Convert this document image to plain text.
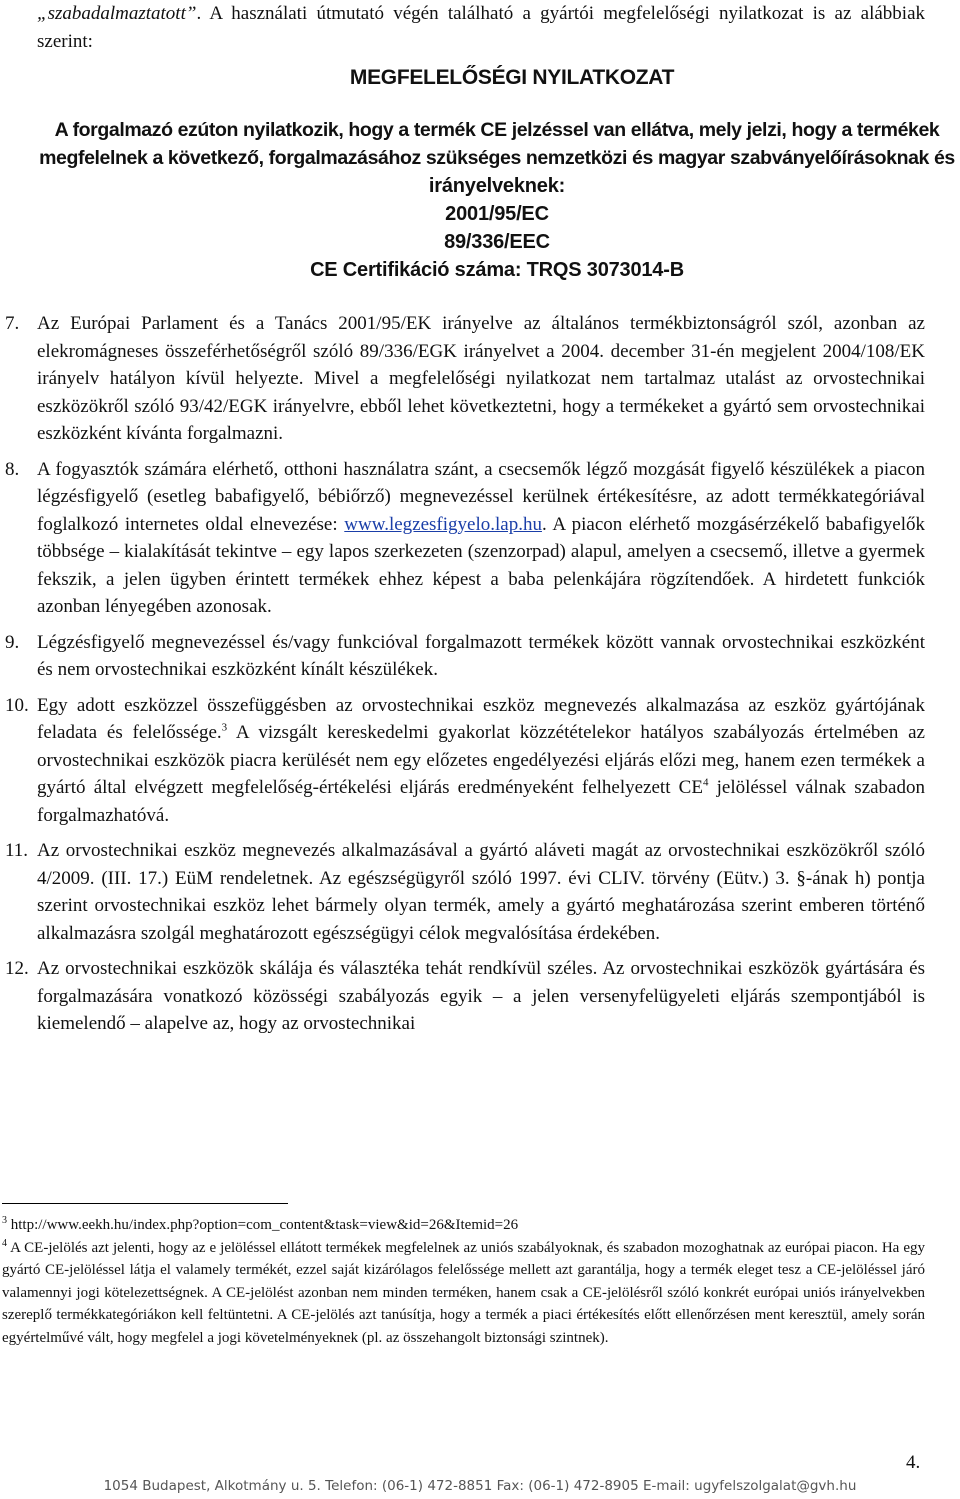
„szabadalmaztatott”. A használati útmutató végén található a gyártói megfelelőségi nyilatkozat is az alábbiak szerint:
MEGFELELŐSÉGI NYILATKOZAT
A forgalmazó ezúton nyilatkozik, hogy a termék CE jelzéssel van ellátva, mely jelzi, hogy a termékek
megfelelnek a következő, forgalmazásához szükséges nemzetközi és magyar szabványelőírásoknak és
irányelveknek:
2001/95/EC
89/336/EEC
CE Certifikáció száma: TRQS 3073014-B
7. Az Európai Parlament és a Tanács 2001/95/EK irányelve az általános termékbiztonságról szól, azonban az elekromágneses összeférhetőségről szóló 89/336/EGK irányelvet a 2004. december 31-én megjelent 2004/108/EK irányelv hatályon kívül helyezte. Mivel a megfelelőségi nyilatkozat nem tartalmaz utalást az orvostechnikai eszközökről szóló 93/42/EGK irányelvre, ebből lehet következtetni, hogy a termékeket a gyártó sem orvostechnikai eszközként kívánta forgalmazni.

8. A fogyasztók számára elérhető, otthoni használatra szánt, a csecsemők légző mozgását figyelő készülékek a piacon légzésfigyelő (esetleg babafigyelő, bébiőrző) megnevezéssel kerülnek értékesítésre, az adott termékkategóriával foglalkozó internetes oldal elnevezése: www.legzesfigyelo.lap.hu. A piacon elérhető mozgásérzékelő babafigyelők többsége – kialakítását tekintve – egy lapos szerkezeten (szenzorpad) alapul, amelyen a csecsemő, illetve a gyermek fekszik, a jelen ügyben érintett termékek ehhez képest a baba pelenkájára rögzítendőek. A hirdetett funkciók azonban lényegében azonosak.

9. Légzésfigyelő megnevezéssel és/vagy funkcióval forgalmazott termékek között vannak orvostechnikai eszközként és nem orvostechnikai eszközként kínált készülékek.

10. Egy adott eszközzel összefüggésben az orvostechnikai eszköz megnevezés alkalmazása az eszköz gyártójának feladata és felelőssége.$^3$ A vizsgált kereskedelmi gyakorlat közzétételekor hatályos szabályozás értelmében az orvostechnikai eszközök piacra kerülését nem egy előzetes engedélyezési eljárás előzi meg, hanem ezen termékek a gyártó által elvégzett megfelelőség-értékelési eljárás eredményeként felhelyezett $CE^4$ jelöléssel válnak szabadon forgalmazhatóvá.

11. Az orvostechnikai eszköz megnevezés alkalmazásával a gyártó aláveti magát az orvostechnikai eszközökről szóló 4/2009. (III. 17.) EüM rendeletnek. Az egészségügyről szóló 1997. évi CLIV. törvény (Eütv.) 3. §-ának h) pontja szerint orvostechnikai eszköz lehet bármely olyan termék, amely a gyártó meghatározása szerint emberen történő alkalmazásra szolgál meghatározott egészségügyi célok megvalósítása érdekében.

12. Az orvostechnikai eszközök skálája és választéka tehát rendkívül széles. Az orvostechnikai eszközök gyártására és forgalmazására vonatkozó közösségi szabályozás egyik – a jelen versenyfelügyeleti eljárás szempontjából is kiemelendő – alapelve az, hogy az orvostechnikai

$^3$ http://www.eekh.hu/index.php?option=com_content&task=view&id=26&Itemid=26

$^4$ A CE-jelölés azt jelenti, hogy az e jelöléssel ellátott termékek megfelelnek az uniós szabályoknak, és szabadon mozoghatnak az európai piacon. Ha egy gyártó CE-jelöléssel látja el valamely termékét, ezzel saját kizárólagos felelőssége mellett azt garantálja, hogy a termék eleget tesz a CE-jelöléssel járó valamennyi jogi kötelezettségnek. A CE-jelölést azonban nem minden terméken, hanem csak a CE-jelölésről szóló konkrét európai uniós irányelvekben szereplő termékkategóriákon kell feltüntetni. A CE-jelölés azt tanúsítja, hogy a termék a piaci értékesítés előtt ellenőrzésen ment keresztül, amely során egyértelművé vált, hogy megfelel a jogi követelményeknek (pl. az összehangolt biztonsági szintnek).

4.
1054 Budapest, Alkotmány u. 5. Telefon: (06-1) 472-8851 Fax: (06-1) 472-8905 E-mail: ugyfelszolgalat@gvh.hu
